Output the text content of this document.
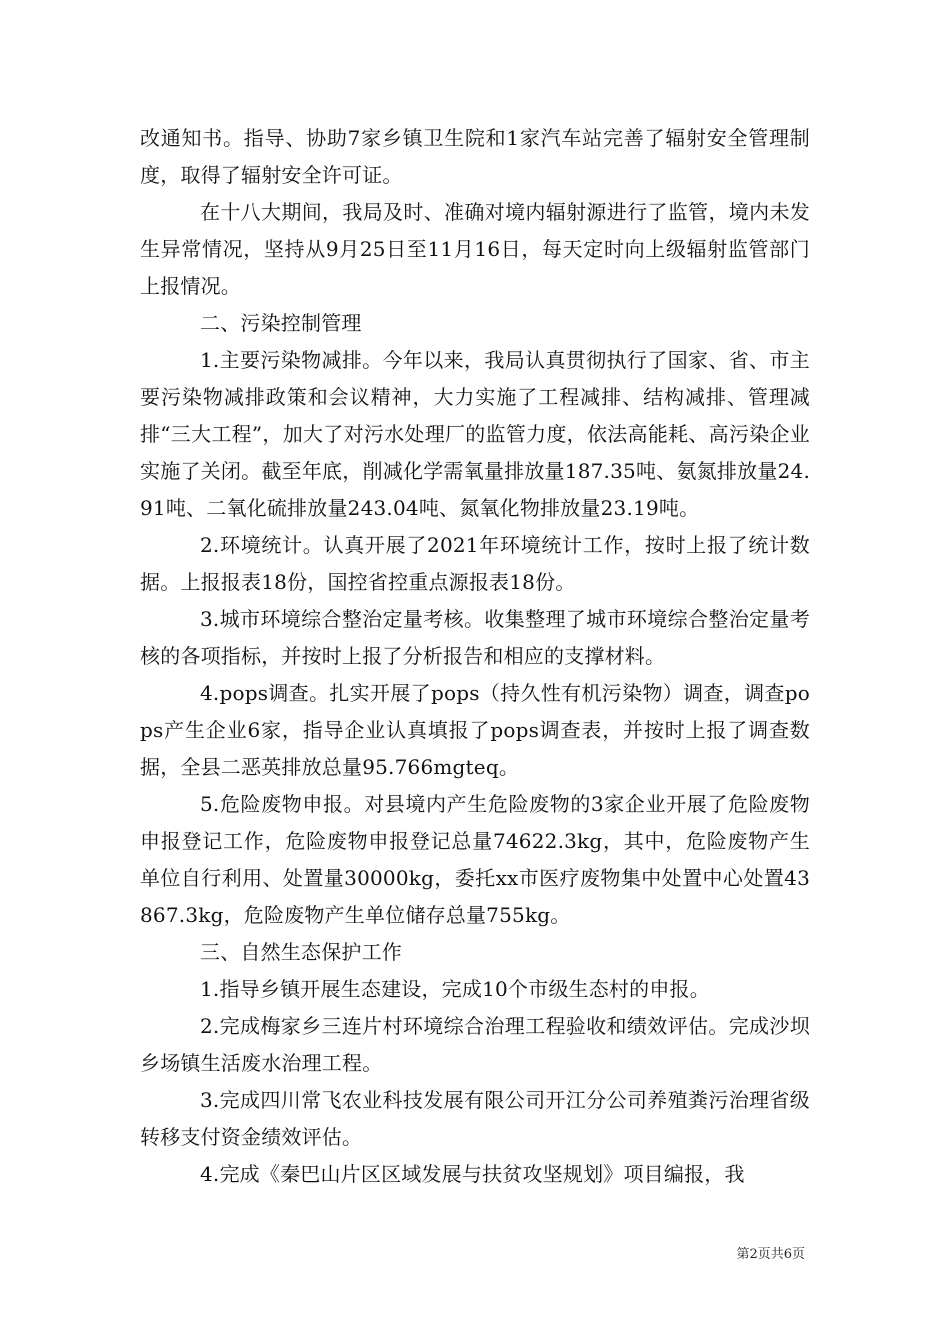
改通知书。指导、协助7家乡镇卫生院和1家汽车站完善了辐射安全管理制度，取得了辐射安全许可证。

在十八大期间，我局及时、准确对境内辐射源进行了监管，境内未发生异常情况，坚持从9月25日至11月16日，每天定时向上级辐射监管部门上报情况。

二、污染控制管理

1.主要污染物减排。今年以来，我局认真贯彻执行了国家、省、市主要污染物减排政策和会议精神，大力实施了工程减排、结构减排、管理减排“三大工程”，加大了对污水处理厂的监管力度，依法高能耗、高污染企业实施了关闭。截至年底，削减化学需氧量排放量187.35吨、氨氮排放量24.91吨、二氧化硫排放量243.04吨、氮氧化物排放量23.19吨。

2.环境统计。认真开展了2021年环境统计工作，按时上报了统计数据。上报报表18份，国控省控重点源报表18份。

3.城市环境综合整治定量考核。收集整理了城市环境综合整治定量考核的各项指标，并按时上报了分析报告和相应的支撑材料。

4.pops调查。扎实开展了pops（持久性有机污染物）调查，调查pops产生企业6家，指导企业认真填报了pops调查表，并按时上报了调查数据，全县二恶英排放总量95.766mgteq。

5.危险废物申报。对县境内产生危险废物的3家企业开展了危险废物申报登记工作，危险废物申报登记总量74622.3kg，其中，危险废物产生单位自行利用、处置量30000kg，委托xx市医疗废物集中处置中心处置43867.3kg，危险废物产生单位储存总量755kg。

三、自然生态保护工作

1.指导乡镇开展生态建设，完成10个市级生态村的申报。

2.完成梅家乡三连片村环境综合治理工程验收和绩效评估。完成沙坝乡场镇生活废水治理工程。

3.完成四川常飞农业科技发展有限公司开江分公司养殖粪污治理省级转移支付资金绩效评估。

4.完成《秦巴山片区区域发展与扶贫攻坚规划》项目编报，我

第2页共6页
